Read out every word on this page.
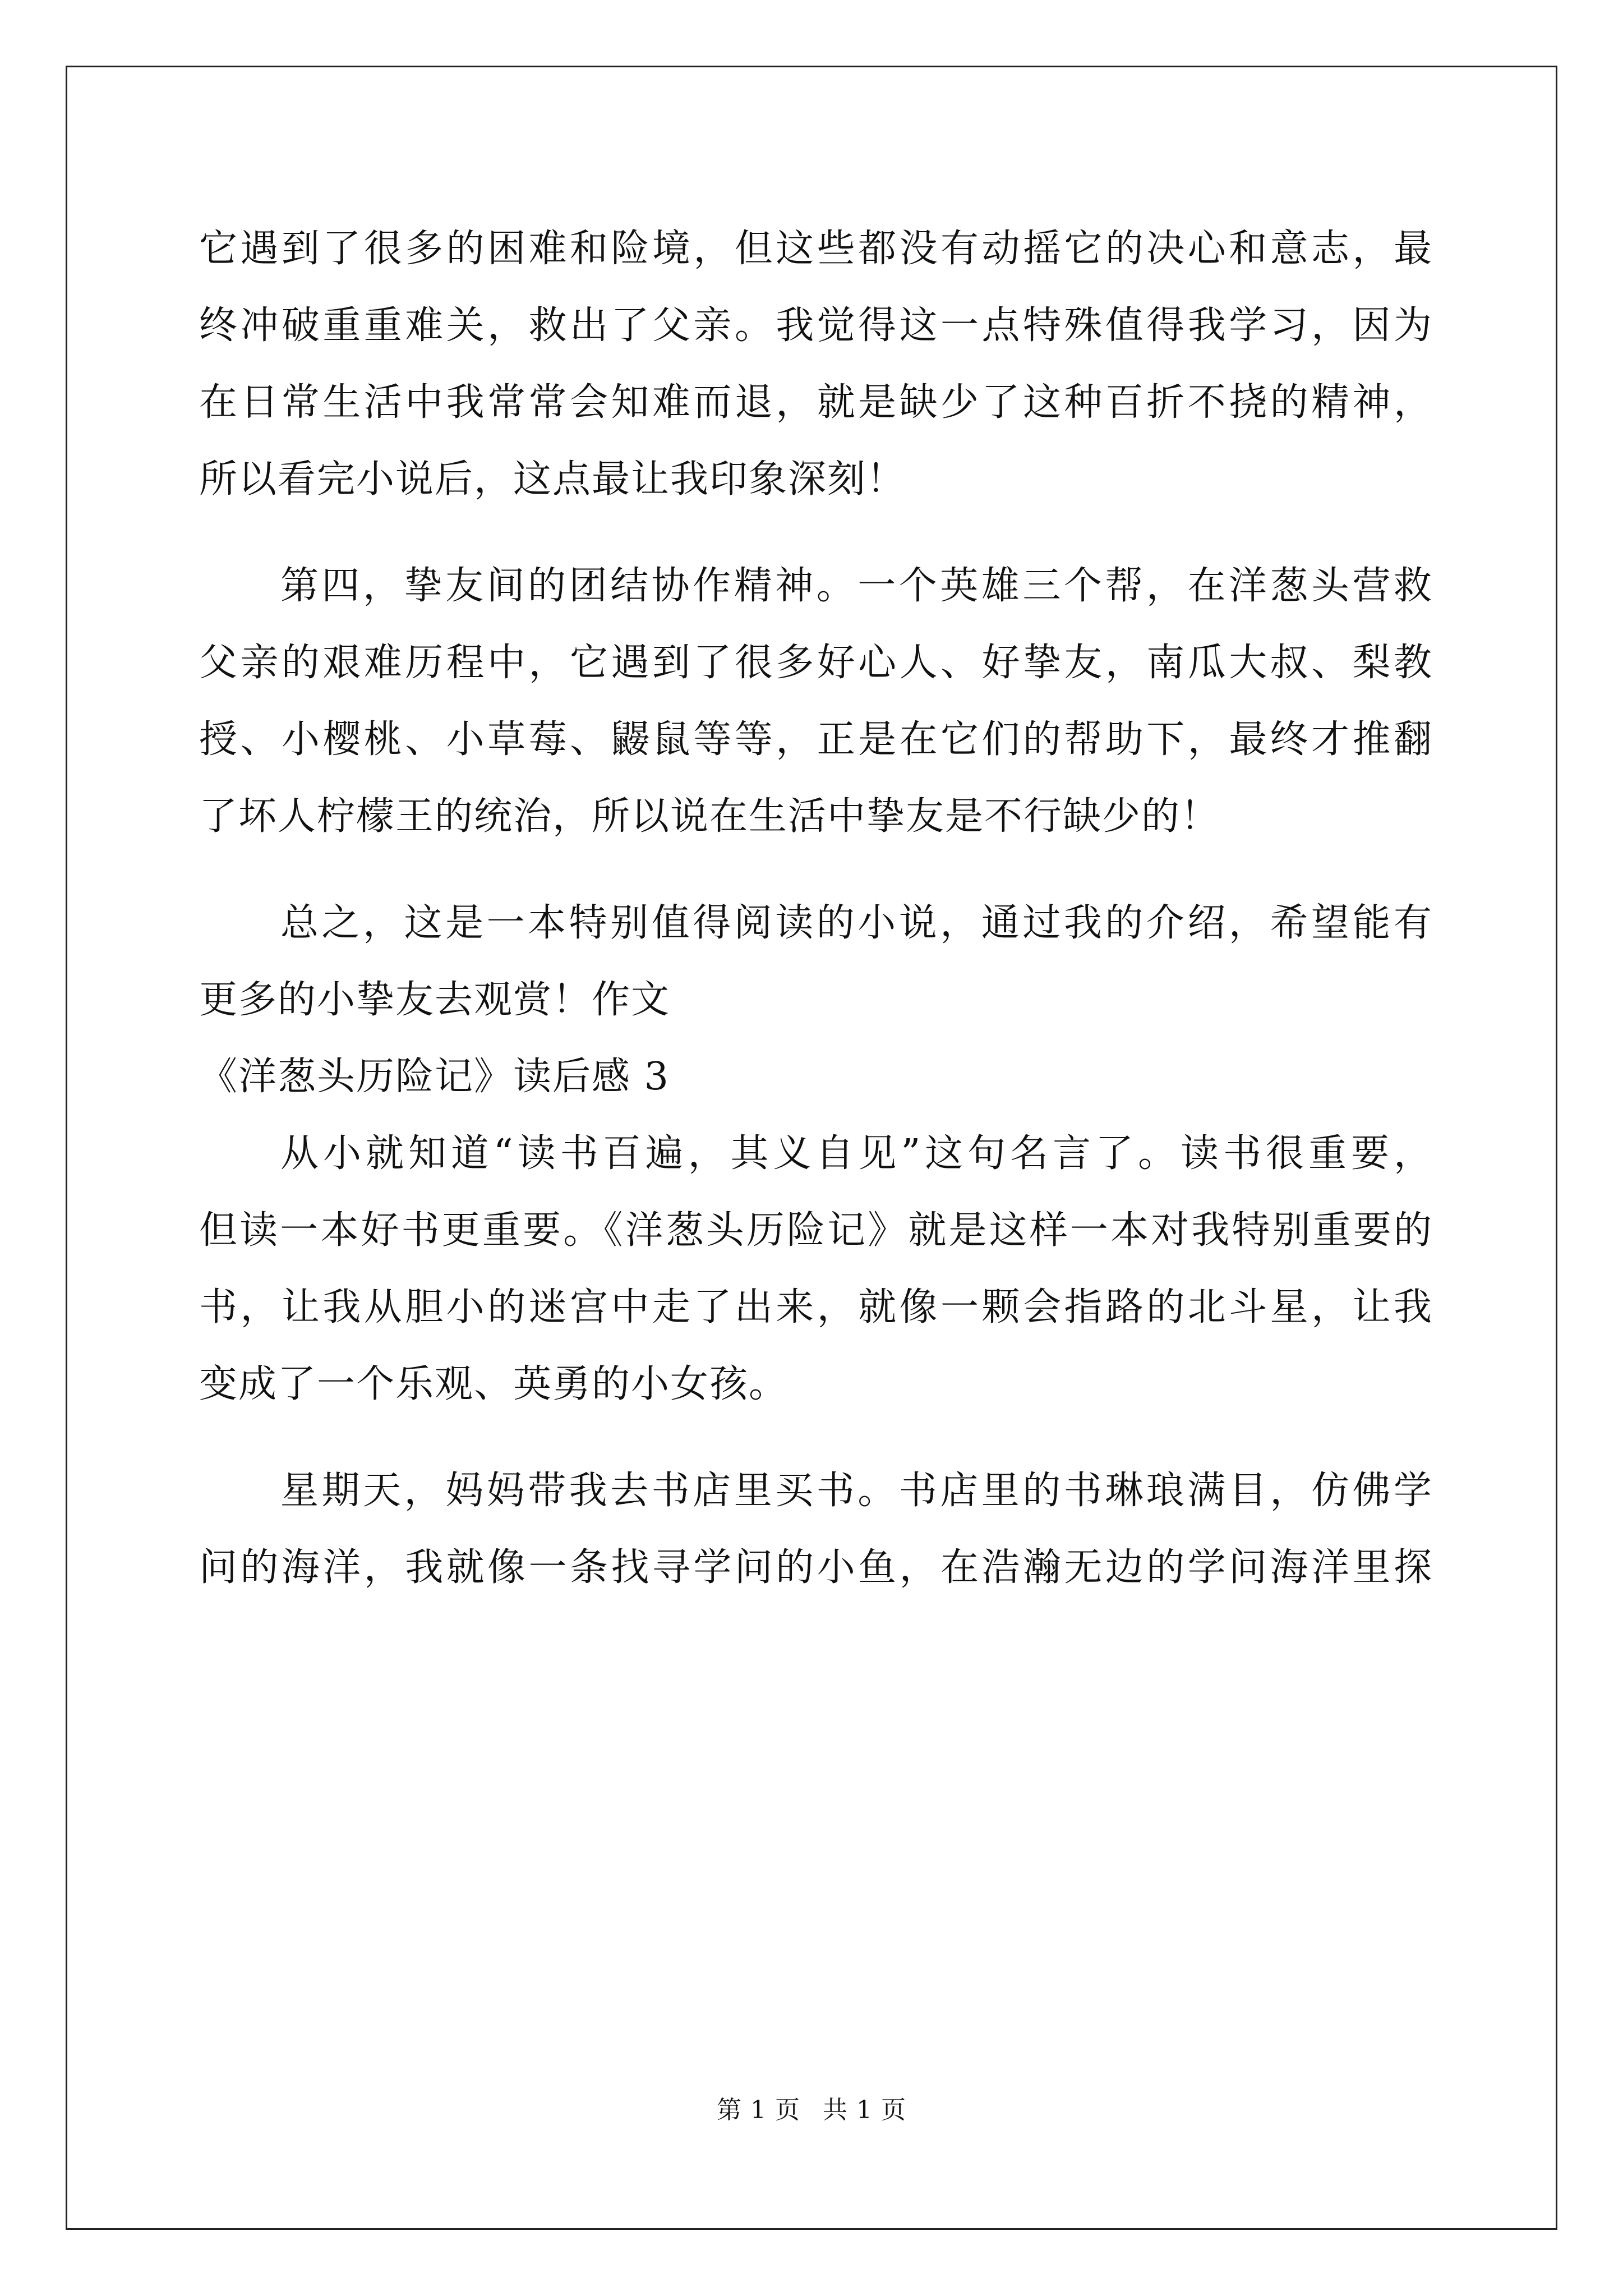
它遇到了很多的困难和险境，但这些都没有动摇它的决心和意志，最
终冲破重重难关，救出了父亲。我觉得这一点特殊值得我学习，因为
在日常生活中我常常会知难而退，就是缺少了这种百折不挠的精神，
所以看完小说后，这点最让我印象深刻！
第四，挚友间的团结协作精神。一个英雄三个帮，在洋葱头营救
父亲的艰难历程中，它遇到了很多好心人、好挚友，南瓜大叔、梨教
授、小樱桃、小草莓、鼹鼠等等，正是在它们的帮助下，最终才推翻
了坏人柠檬王的统治，所以说在生活中挚友是不行缺少的！
总之，这是一本特别值得阅读的小说，通过我的介绍，希望能有
更多的小挚友去观赏！作文
《洋葱头历险记》读后感 3
从小就知道“读书百遍，其义自见”这句名言了。读书很重要，
但读一本好书更重要。《洋葱头历险记》就是这样一本对我特别重要的
书，让我从胆小的迷宫中走了出来，就像一颗会指路的北斗星，让我
变成了一个乐观、英勇的小女孩。
星期天，妈妈带我去书店里买书。书店里的书琳琅满目，仿佛学
问的海洋，我就像一条找寻学问的小鱼，在浩瀚无边的学问海洋里探
第 1 页 共 1 页
